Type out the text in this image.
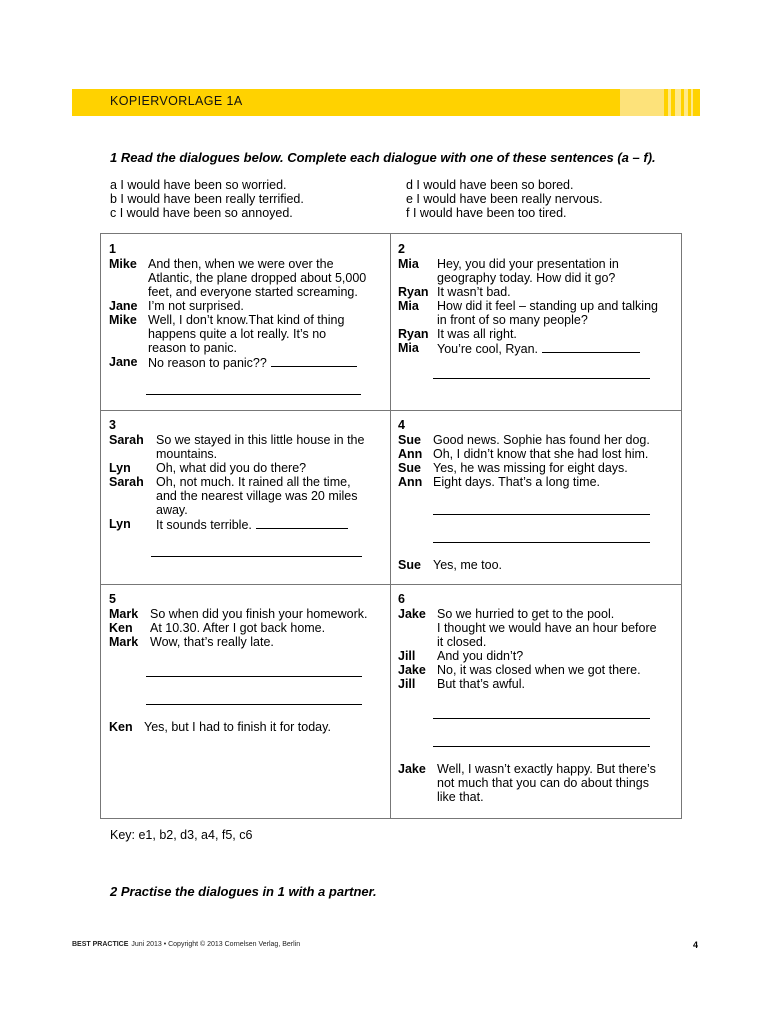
KOPIERVORLAGE 1A
1 Read the dialogues below. Complete each dialogue with one of these sentences (a – f).
a I would have been so worried.
b I would have been really terrified.
c I would have been so annoyed.
d I would have been so bored.
e I would have been really nervous.
f I would have been too tired.
1
Mike And then, when we were over the
Atlantic, the plane dropped about 5,000
feet, and everyone started screaming.
Jane I’m not surprised.
Mike Well, I don’t know.That kind of thing
happens quite a lot really. It’s no
reason to panic.
Jane No reason to panic??
2
Mia	Hey, you did your presentation in
geography today. How did it go?
Ryan It wasn’t bad.
Mia	How did it feel – standing up and talking
in front of so many people?
Ryan It was all right.
Mia	You’re cool, Ryan.
3
Sarah So we stayed in this little house in the
mountains.
Lyn	Oh, what did you do there?
Sarah Oh, not much. It rained all the time,
and the nearest village was 20 miles
away.
Lyn	It sounds terrible.
4
Sue Good news. Sophie has found her dog.
Ann Oh, I didn’t know that she had lost him.
Sue Yes, he was missing for eight days.
Ann Eight days. That’s a long time.
Sue Yes, me too.
5
Mark So when did you finish your homework.
Ken	At 10.30. After I got back home.
Mark Wow, that’s really late.
Ken Yes, but I had to finish it for today.
6
Jake So we hurried to get to the pool.
I thought we would have an hour before
it closed.
Jill	And you didn’t?
Jake No, it was closed when we got there.
Jill	But that’s awful.
Jake Well, I wasn’t exactly happy. But there’s
not much that you can do about things
like that.
Key: e1, b2, d3, a4, f5, c6
2 Practise the dialogues in 1 with a partner.
BEST PRACTICE Juni 2013 • Copyright © 2013 Cornelsen Verlag, Berlin	4
